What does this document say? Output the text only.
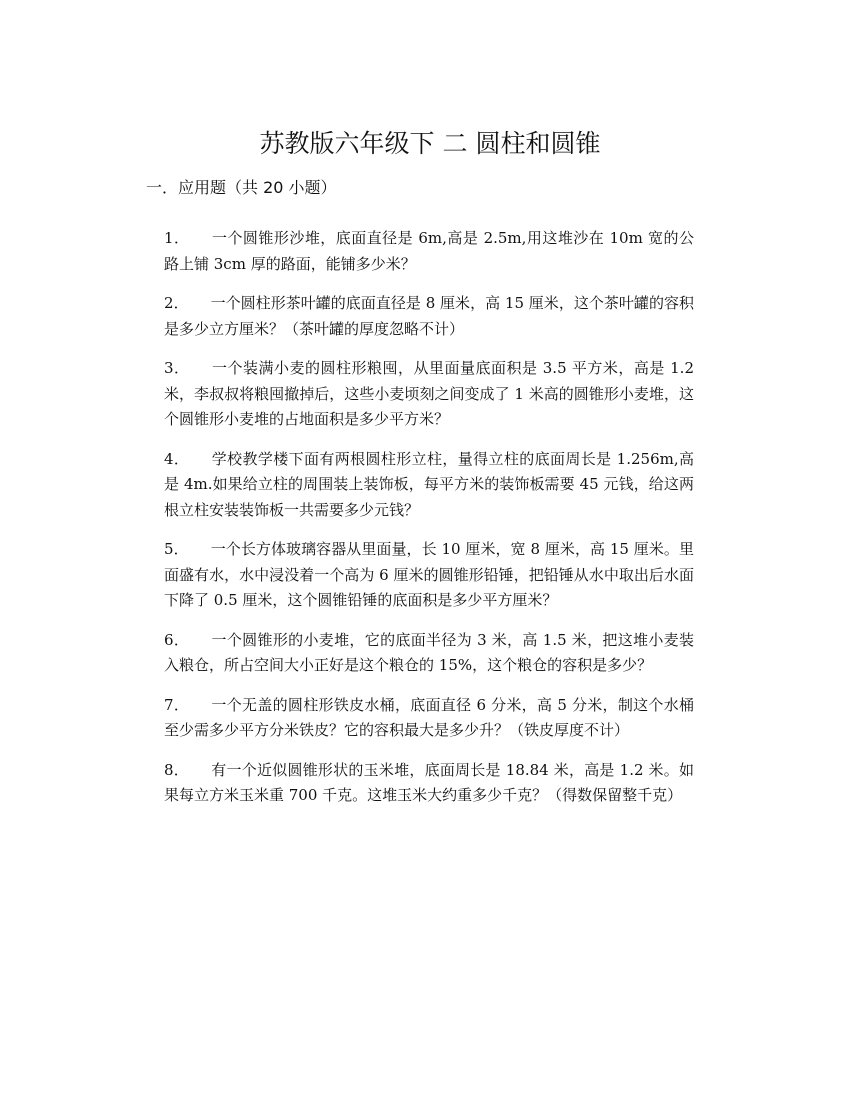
苏教版六年级下 二 圆柱和圆锥
一．应用题（共 20 小题）
1． 一个圆锥形沙堆，底面直径是 6m,高是 2.5m,用这堆沙在 10m 宽的公路上铺 3cm 厚的路面，能铺多少米？
2． 一个圆柱形茶叶罐的底面直径是 8 厘米，高 15 厘米，这个茶叶罐的容积是多少立方厘米？（茶叶罐的厚度忽略不计）
3． 一个装满小麦的圆柱形粮囤，从里面量底面积是 3.5 平方米，高是 1.2 米，李叔叔将粮囤撤掉后，这些小麦顷刻之间变成了 1 米高的圆锥形小麦堆，这个圆锥形小麦堆的占地面积是多少平方米？
4． 学校教学楼下面有两根圆柱形立柱，量得立柱的底面周长是 1.256m,高是 4m.如果给立柱的周围装上装饰板，每平方米的装饰板需要 45 元钱，给这两根立柱安装装饰板一共需要多少元钱？
5． 一个长方体玻璃容器从里面量，长 10 厘米，宽 8 厘米，高 15 厘米。里面盛有水，水中浸没着一个高为 6 厘米的圆锥形铅锤，把铅锤从水中取出后水面下降了 0.5 厘米，这个圆锥铅锤的底面积是多少平方厘米？
6． 一个圆锥形的小麦堆，它的底面半径为 3 米，高 1.5 米，把这堆小麦装入粮仓，所占空间大小正好是这个粮仓的 15%，这个粮仓的容积是多少？
7． 一个无盖的圆柱形铁皮水桶，底面直径 6 分米，高 5 分米，制这个水桶至少需多少平方分米铁皮？它的容积最大是多少升？（铁皮厚度不计）
8． 有一个近似圆锥形状的玉米堆，底面周长是 18.84 米，高是 1.2 米。如果每立方米玉米重 700 千克。这堆玉米大约重多少千克？（得数保留整千克）
